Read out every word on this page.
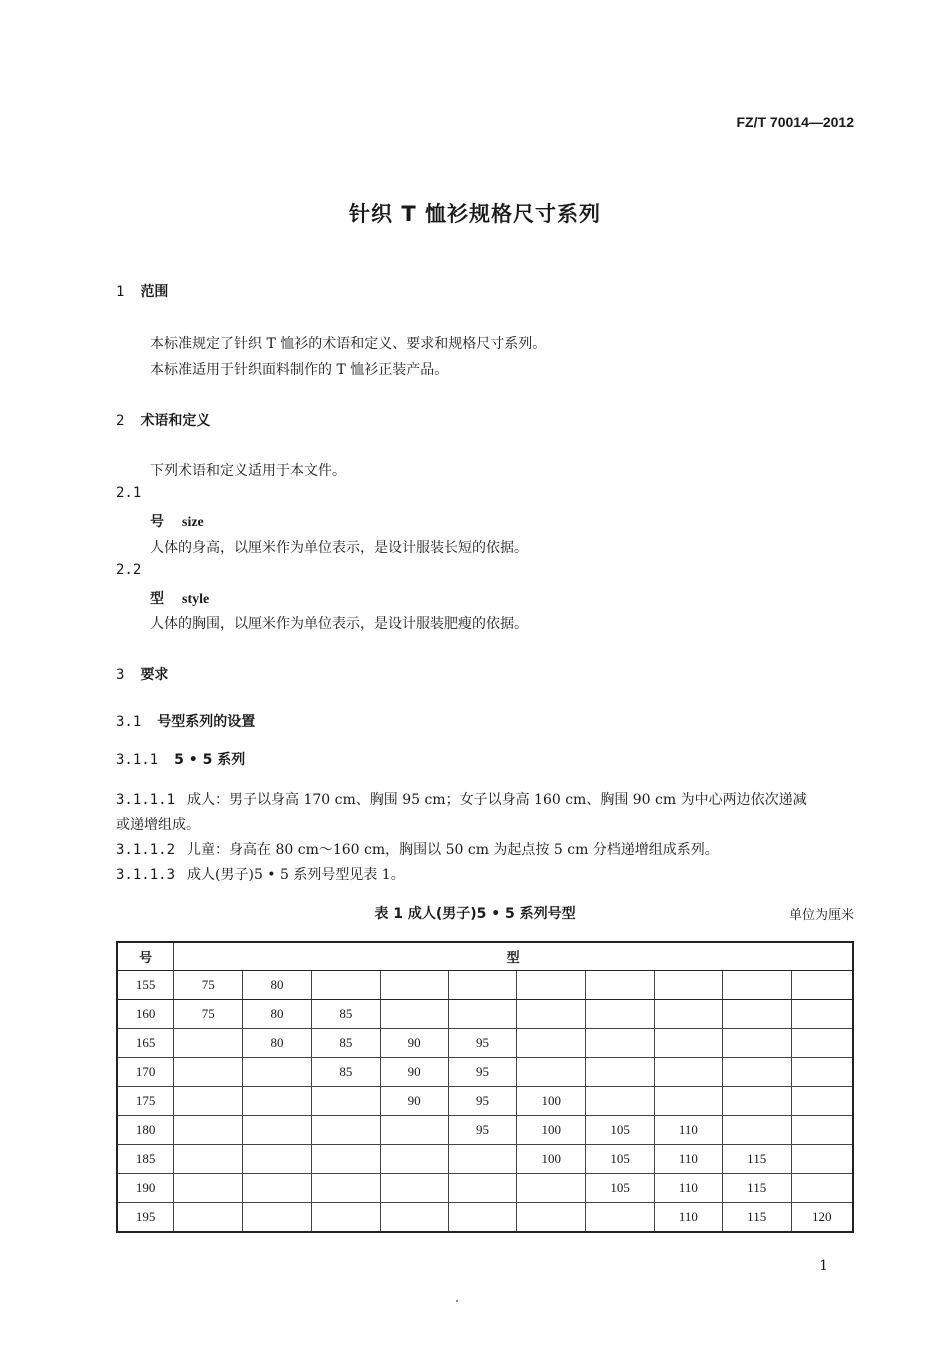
FZ/T 70014—2012
针织 T 恤衫规格尺寸系列
1 范围
本标准规定了针织 T 恤衫的术语和定义、要求和规格尺寸系列。
本标准适用于针织面料制作的 T 恤衫正装产品。
2 术语和定义
下列术语和定义适用于本文件。
2.1
号 size
人体的身高，以厘米作为单位表示，是设计服装长短的依据。
2.2
型 style
人体的胸围，以厘米作为单位表示，是设计服装肥瘦的依据。
3 要求
3.1 号型系列的设置
3.1.1 5 • 5 系列
3.1.1.1 成人：男子以身高 170 cm、胸围 95 cm；女子以身高 160 cm、胸围 90 cm 为中心两边依次递减
或递增组成。
3.1.1.2 儿童：身高在 80 cm～160 cm，胸围以 50 cm 为起点按 5 cm 分档递增组成系列。
3.1.1.3 成人(男子)5 • 5 系列号型见表 1。
表 1 成人(男子)5 • 5 系列号型	单位为厘米
号	型									
155	75	80								
160	75	80	85							
165		80	85	90	95					
170			85	90	95					
175				90	95	100				
180					95	100	105	110		
185						100	105	110	115	
190							105	110	115	
195								110	115	120
1
